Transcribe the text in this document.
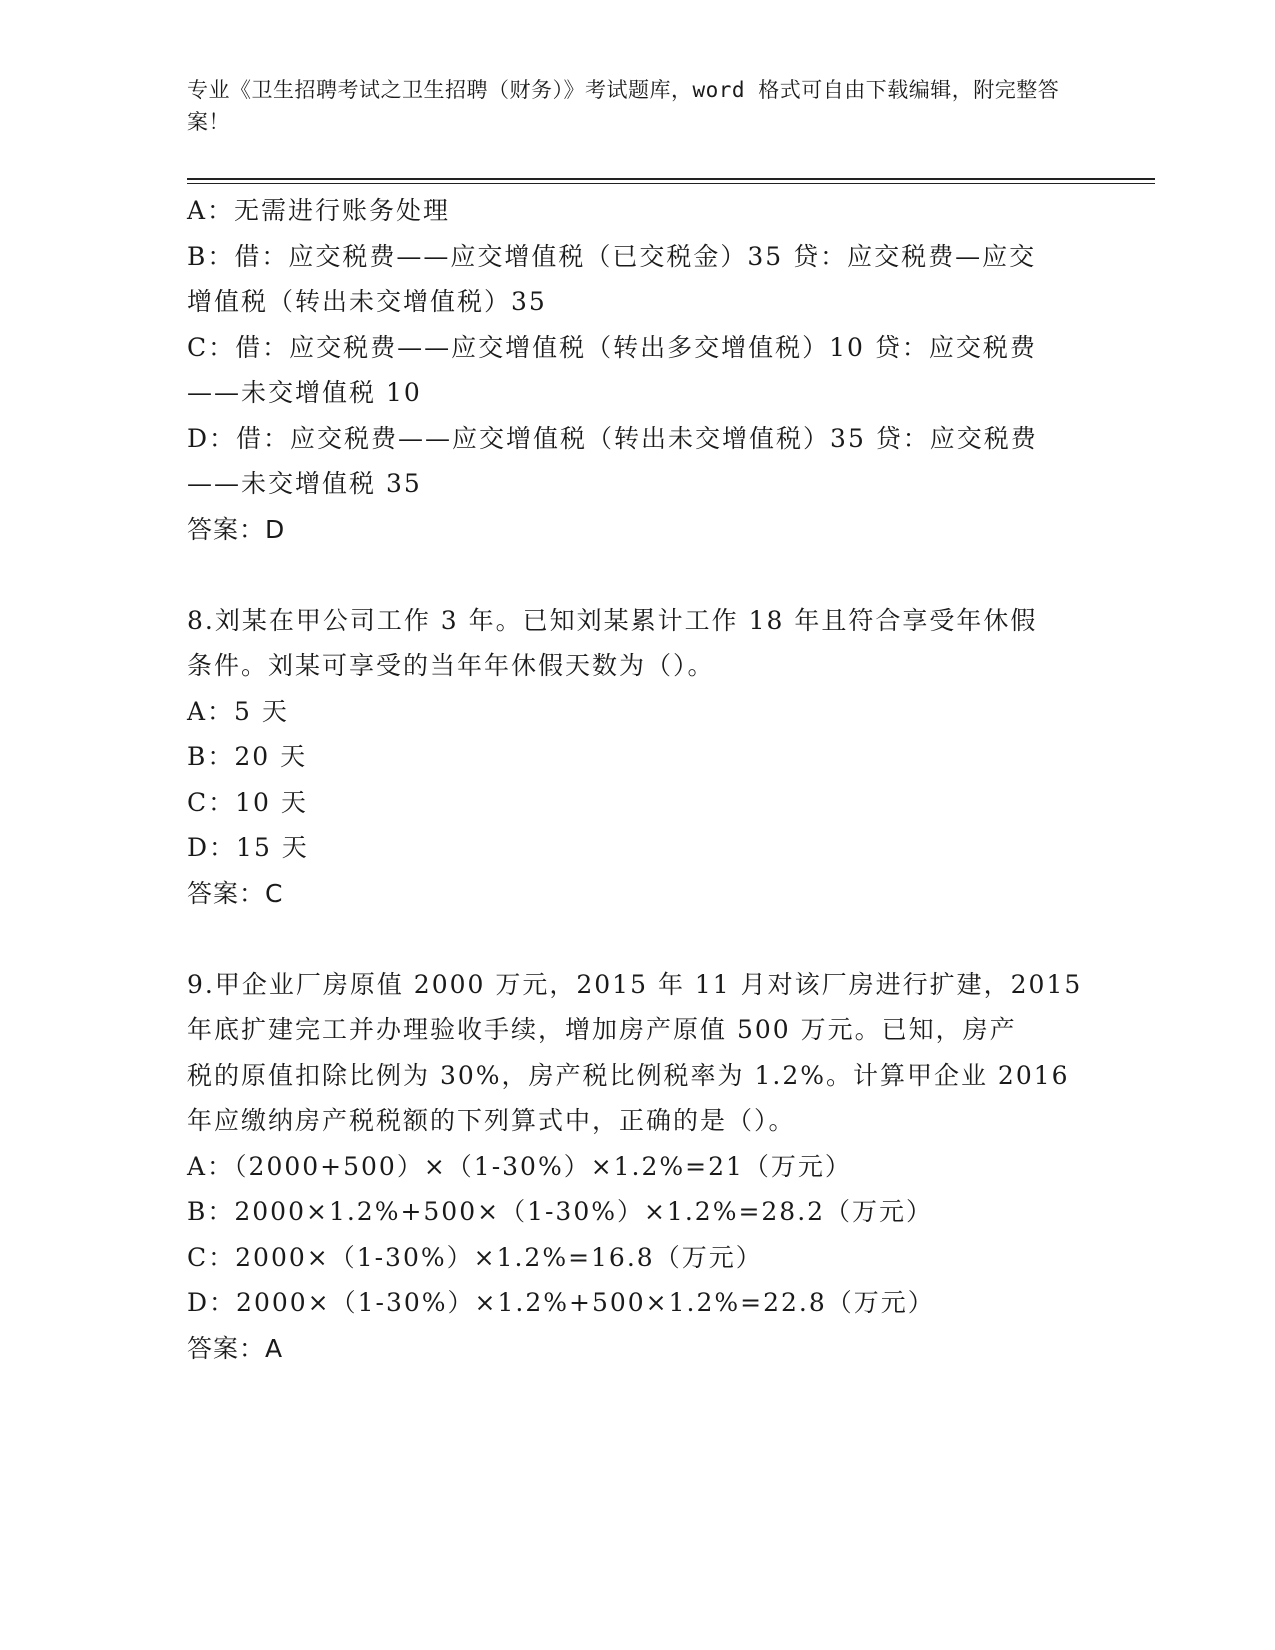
专业《卫生招聘考试之卫生招聘（财务）》考试题库，word 格式可自由下载编辑，附完整答案！
A：无需进行账务处理
B：借：应交税费——应交增值税（已交税金）35 贷：应交税费—应交
增值税（转出未交增值税）35
C：借：应交税费——应交增值税（转出多交增值税）10 贷：应交税费
——未交增值税 10
D：借：应交税费——应交增值税（转出未交增值税）35 贷：应交税费
——未交增值税 35
答案：D
8.刘某在甲公司工作 3 年。已知刘某累计工作 18 年且符合享受年休假
条件。刘某可享受的当年年休假天数为（）。
A：5 天
B：20 天
C：10 天
D：15 天
答案：C
9.甲企业厂房原值 2000 万元，2015 年 11 月对该厂房进行扩建，2015
年底扩建完工并办理验收手续，增加房产原值 500 万元。已知，房产
税的原值扣除比例为 30%，房产税比例税率为 1.2%。计算甲企业 2016
年应缴纳房产税税额的下列算式中，正确的是（）。
A：（2000+500）×（1-30%）×1.2%=21（万元）
B：2000×1.2%+500×（1-30%）×1.2%=28.2（万元）
C：2000×（1-30%）×1.2%=16.8（万元）
D：2000×（1-30%）×1.2%+500×1.2%=22.8（万元）
答案：A
